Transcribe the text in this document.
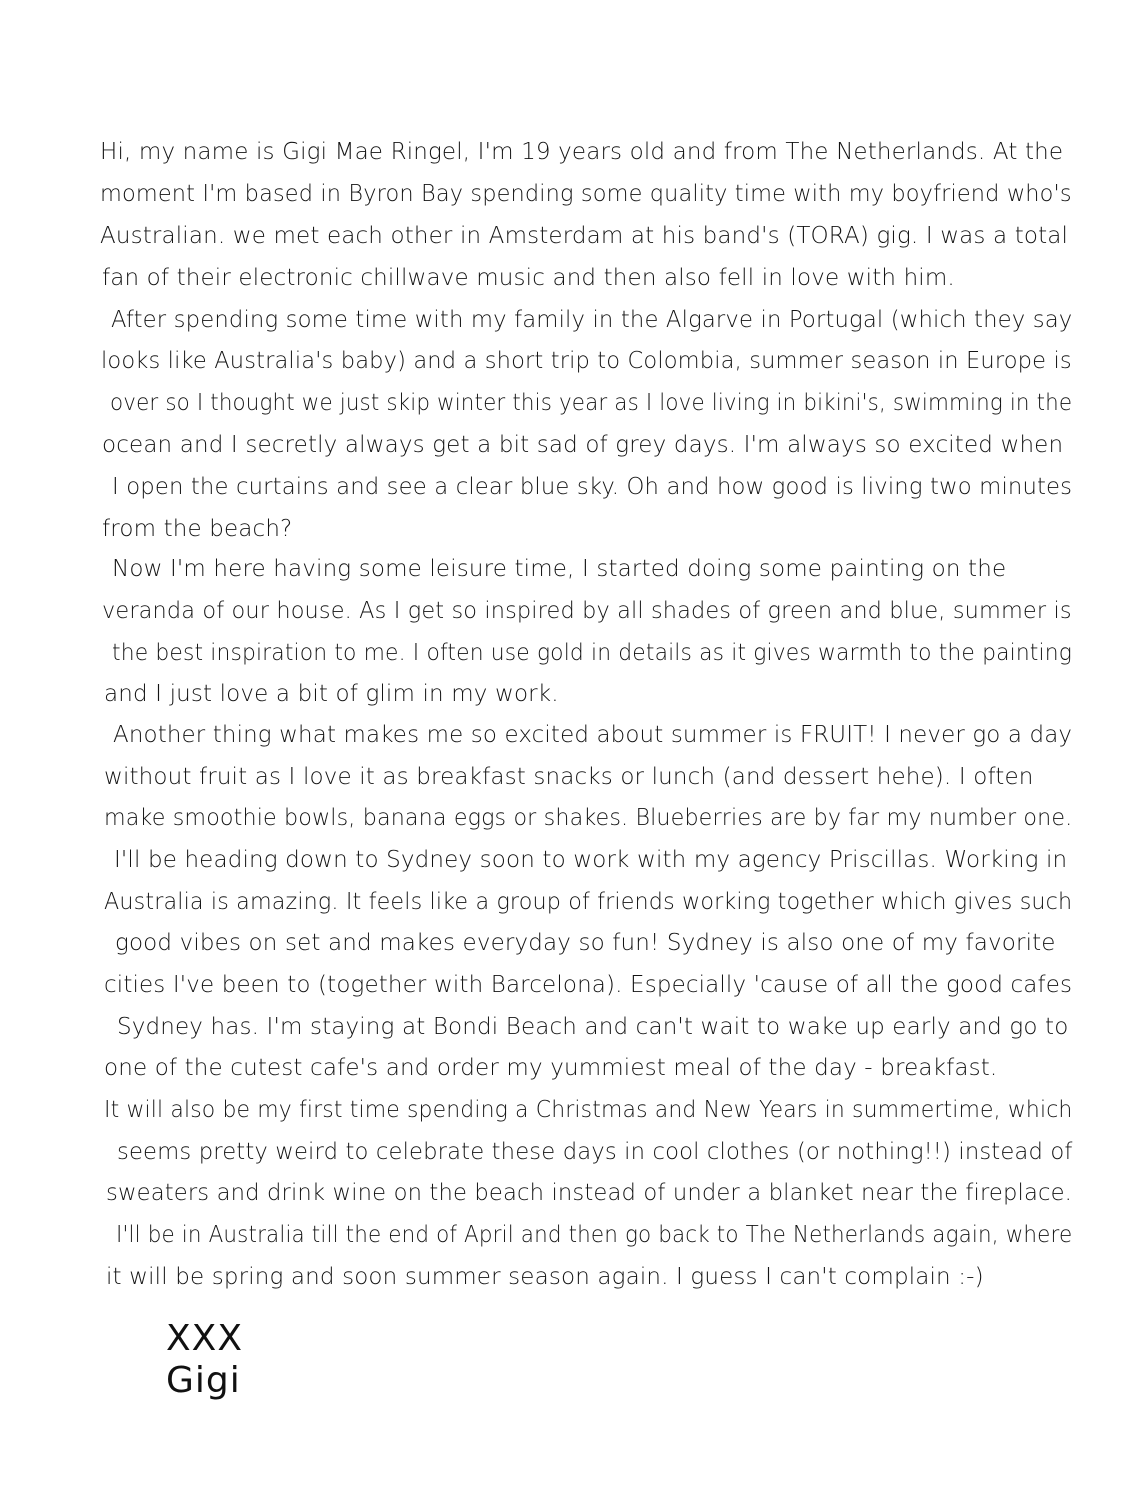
Hi, my name is Gigi Mae Ringel, I'm 19 years old and from The Netherlands. At the
moment I'm based in Byron Bay spending some quality time with my boyfriend who's
Australian. we met each other in Amsterdam at his band's (TORA) gig. I was a total
fan of their electronic chillwave music and then also fell in love with him.
After spending some time with my family in the Algarve in Portugal (which they say
looks like Australia's baby) and a short trip to Colombia, summer season in Europe is
over so I thought we just skip winter this year as I love living in bikini's, swimming in the
ocean and I secretly always get a bit sad of grey days. I'm always so excited when
I open the curtains and see a clear blue sky. Oh and how good is living two minutes
from the beach?
Now I'm here having some leisure time, I started doing some painting on the
veranda of our house. As I get so inspired by all shades of green and blue, summer is
the best inspiration to me. I often use gold in details as it gives warmth to the painting
and I just love a bit of glim in my work.
Another thing what makes me so excited about summer is FRUIT! I never go a day
without fruit as I love it as breakfast snacks or lunch (and dessert hehe). I often
make smoothie bowls, banana eggs or shakes. Blueberries are by far my number one.
I'll be heading down to Sydney soon to work with my agency Priscillas. Working in
Australia is amazing. It feels like a group of friends working together which gives such
good vibes on set and makes everyday so fun! Sydney is also one of my favorite
cities I've been to (together with Barcelona). Especially 'cause of all the good cafes
Sydney has. I'm staying at Bondi Beach and can't wait to wake up early and go to
one of the cutest cafe's and order my yummiest meal of the day - breakfast.
It will also be my first time spending a Christmas and New Years in summertime, which
seems pretty weird to celebrate these days in cool clothes (or nothing!!) instead of
sweaters and drink wine on the beach instead of under a blanket near the fireplace.
I'll be in Australia till the end of April and then go back to The Netherlands again, where
it will be spring and soon summer season again. I guess I can't complain :-)
XXX
Gigi
